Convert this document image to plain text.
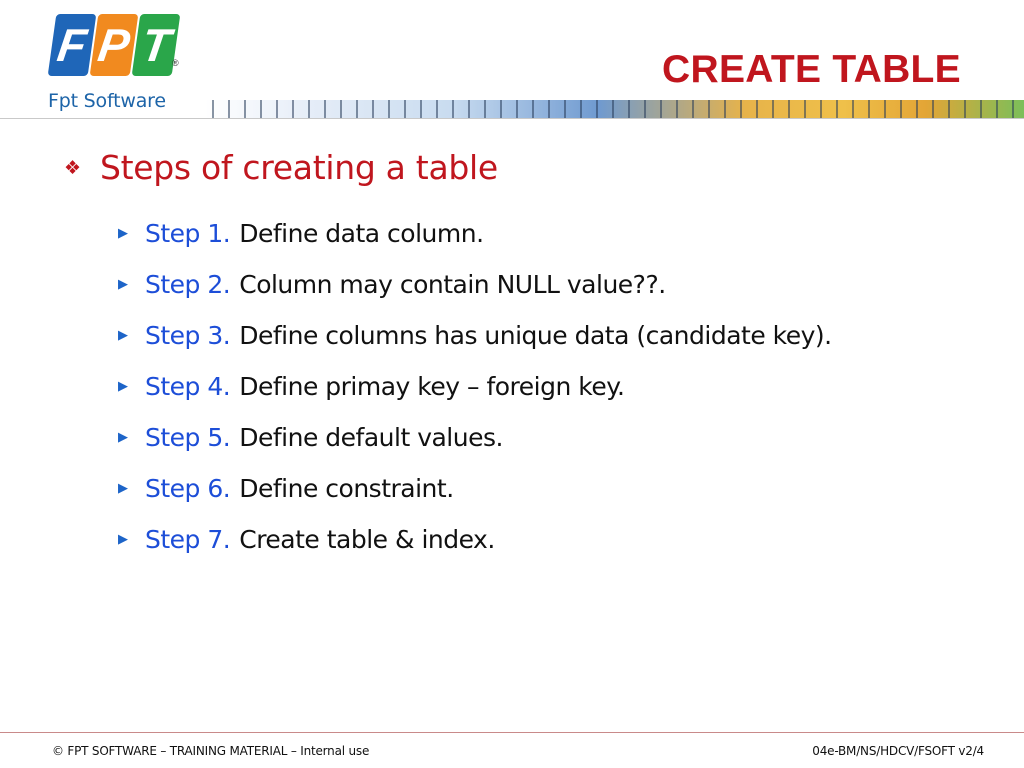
F P T
®
Fpt Software
CREATE TABLE
❖ Steps of creating a table
▶ Step 1. Define data column.
▶ Step 2. Column may contain NULL value??.
▶ Step 3. Define columns has unique data (candidate key).
▶ Step 4. Define primay key – foreign key.
▶ Step 5. Define default values.
▶ Step 6. Define constraint.
▶ Step 7. Create table & index.
© FPT SOFTWARE – TRAINING MATERIAL – Internal use	04e-BM/NS/HDCV/FSOFT v2/4
